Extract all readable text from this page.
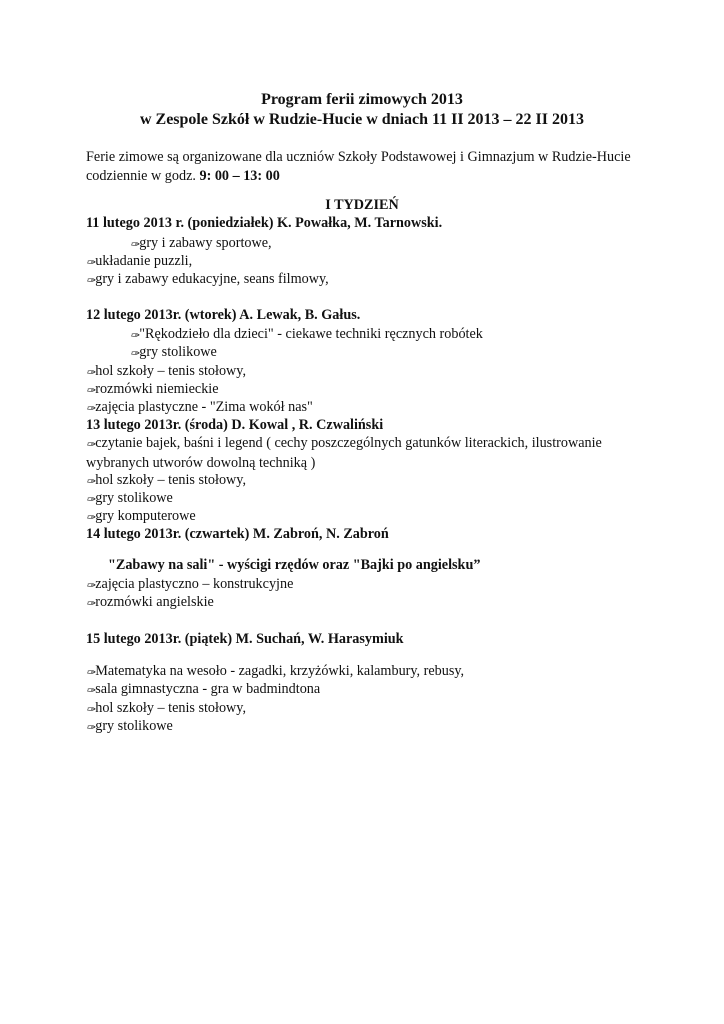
Program ferii zimowych 2013
w Zespole Szkół w Rudzie-Hucie w dniach 11 II 2013 – 22 II 2013
Ferie zimowe są organizowane dla uczniów Szkoły Podstawowej i Gimnazjum w Rudzie-Hucie codziennie w godz. 9: 00 – 13: 00
I TYDZIEŃ
11 lutego 2013 r. (poniedziałek) K. Powałka, M. Tarnowski.
✑gry i zabawy sportowe,
✑układanie puzzli,
✑gry i zabawy edukacyjne, seans filmowy,
12 lutego 2013r. (wtorek) A. Lewak, B. Gałus.
✑"Rękodzieło dla dzieci" - ciekawe techniki ręcznych robótek
✑gry stolikowe
✑hol szkoły – tenis stołowy,
✑rozmówki niemieckie
✑zajęcia plastyczne - "Zima wokół nas"
13 lutego 2013r. (środa) D. Kowal , R. Czwaliński
✑czytanie bajek, baśni i legend ( cechy poszczególnych gatunków literackich, ilustrowanie wybranych utworów dowolną techniką )
✑hol szkoły – tenis stołowy,
✑gry stolikowe
✑gry komputerowe
14 lutego 2013r. (czwartek) M. Zabroń, N. Zabroń
"Zabawy na sali" - wyścigi rzędów oraz "Bajki po angielsku”
✑zajęcia plastyczno – konstrukcyjne
✑rozmówki angielskie
15 lutego 2013r. (piątek) M. Suchań, W. Harasymiuk
✑Matematyka na wesoło - zagadki, krzyżówki, kalambury, rebusy,
✑sala gimnastyczna - gra w badmindtona
✑hol szkoły – tenis stołowy,
✑gry stolikowe
